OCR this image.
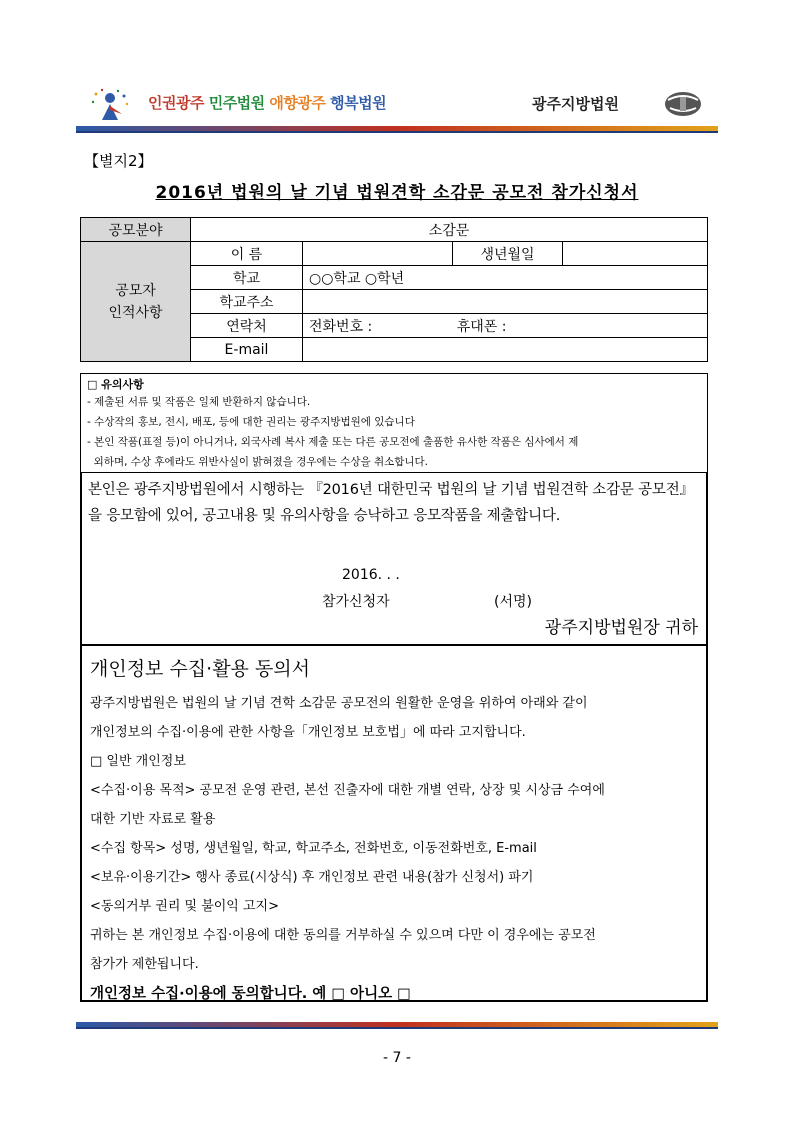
인권광주 민주법원 애향광주 행복법원	광주지방법원
【별지2】
2016년 법원의 날 기념 법원견학 소감문 공모전 참가신청서
공모분야	소감문			
공모자
인적사항	이 름		생년월일	
	학교	○○학교 ○학년		
	학교주소			
	연락처	전화번호 : 휴대폰 :		
	E-mail			
□ 유의사항
- 제출된 서류 및 작품은 일체 반환하지 않습니다.
- 수상작의 홍보, 전시, 배포, 등에 대한 권리는 광주지방법원에 있습니다
- 본인 작품(표절 등)이 아니거나, 외국사례 복사 제출 또는 다른 공모전에 출품한 유사한 작품은 심사에서 제
외하며, 수상 후에라도 위반사실이 밝혀졌을 경우에는 수상을 취소합니다.

본인은 광주지방법원에서 시행하는 『2016년 대한민국 법원의 날 기념 법원견학 소감문 공모전』을 응모함에 있어, 공고내용 및 유의사항을 승낙하고 응모작품을 제출합니다.

2016. . .
참가신청자	(서명)
광주지방법원장 귀하
개인정보 수집·활용 동의서
광주지방법원은 법원의 날 기념 견학 소감문 공모전의 원활한 운영을 위하여 아래와 같이
개인정보의 수집·이용에 관한 사항을「개인정보 보호법」에 따라 고지합니다.
□ 일반 개인정보
<수집·이용 목적> 공모전 운영 관련, 본선 진출자에 대한 개별 연락, 상장 및 시상금 수여에
대한 기반 자료로 활용
<수집 항목> 성명, 생년월일, 학교, 학교주소, 전화번호, 이동전화번호, E-mail
<보유·이용기간> 행사 종료(시상식) 후 개인정보 관련 내용(참가 신청서) 파기
<동의거부 권리 및 불이익 고지>
귀하는 본 개인정보 수집·이용에 대한 동의를 거부하실 수 있으며 다만 이 경우에는 공모전
참가가 제한됩니다.
개인정보 수집·이용에 동의합니다. 예 □ 아니오 □
- 7 -
